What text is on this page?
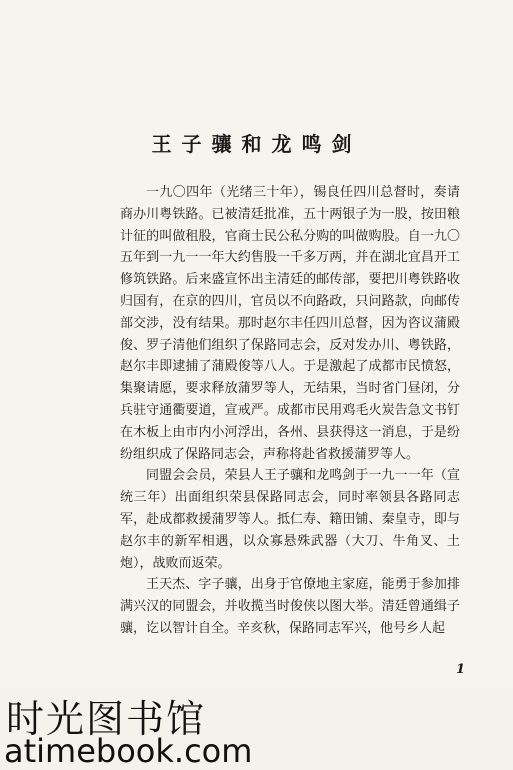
王子骧和龙鸣剑

一九〇四年（光绪三十年），锡良任四川总督时，奏请商办川粤铁路。已被清廷批准，五十两银子为一股，按田粮计征的叫做租股，官商士民公私分购的叫做购股。自一九〇五年到一九一一年大约售股一千多万两，并在湖北宜昌开工修筑铁路。后来盛宣怀出主清廷的邮传部，要把川粤铁路收归国有，在京的四川，官员以不向路政，只问路款，向邮传部交涉，没有结果。那时赵尔丰任四川总督，因为咨议蒲殿俊、罗子清他们组织了保路同志会，反对发办川、粤铁路，赵尔丰即逮捕了蒲殿俊等八人。于是激起了成都市民愤怒，集聚请愿，要求释放蒲罗等人，无结果，当时省门昼闭，分兵驻守通衢要道，宣戒严。成都市民用鸡毛火炭告急文书钉在木板上由市内小河浮出，各州、县获得这一消息，于是纷纷组织成了保路同志会，声称将赴省救援蒲罗等人。

同盟会会员，荣县人王子骧和龙鸣剑于一九一一年（宣统三年）出面组织荣县保路同志会，同时率领县各路同志军，赴成都救援蒲罗等人。抵仁寿、籍田铺、秦皇寺，即与赵尔丰的新军相遇，以众寡悬殊武器（大刀、牛角叉、土炮），战败而返荣。

王天杰、字子骧，出身于官僚地主家庭，能勇于参加排满兴汉的同盟会，并收揽当时俊侠以图大举。清廷曾通缉子骧，讫以智计自全。辛亥秋，保路同志军兴，他号乡人起

1
时光图书馆
atimebook.com
